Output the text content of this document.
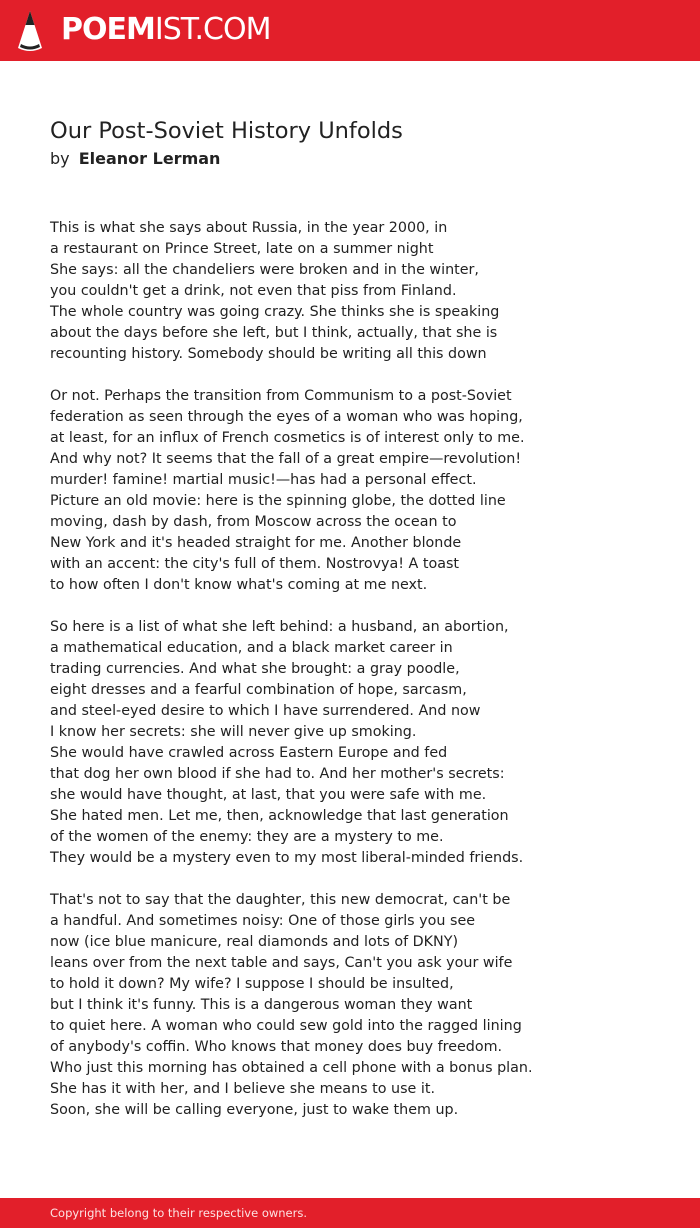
POEMIST.COM
Our Post-Soviet History Unfolds
by Eleanor Lerman
This is what she says about Russia, in the year 2000, in
a restaurant on Prince Street, late on a summer night
She says: all the chandeliers were broken and in the winter,
you couldn't get a drink, not even that piss from Finland.
The whole country was going crazy. She thinks she is speaking
about the days before she left, but I think, actually, that she is
recounting history. Somebody should be writing all this down
Or not. Perhaps the transition from Communism to a post-Soviet
federation as seen through the eyes of a woman who was hoping,
at least, for an influx of French cosmetics is of interest only to me.
And why not? It seems that the fall of a great empire—revolution!
murder! famine! martial music!—has had a personal effect.
Picture an old movie: here is the spinning globe, the dotted line
moving, dash by dash, from Moscow across the ocean to
New York and it's headed straight for me. Another blonde
with an accent: the city's full of them. Nostrovya! A toast
to how often I don't know what's coming at me next.
So here is a list of what she left behind: a husband, an abortion,
a mathematical education, and a black market career in
trading currencies. And what she brought: a gray poodle,
eight dresses and a fearful combination of hope, sarcasm,
and steel-eyed desire to which I have surrendered. And now
I know her secrets: she will never give up smoking.
She would have crawled across Eastern Europe and fed
that dog her own blood if she had to. And her mother's secrets:
she would have thought, at last, that you were safe with me.
She hated men. Let me, then, acknowledge that last generation
of the women of the enemy: they are a mystery to me.
They would be a mystery even to my most liberal-minded friends.
That's not to say that the daughter, this new democrat, can't be
a handful. And sometimes noisy: One of those girls you see
now (ice blue manicure, real diamonds and lots of DKNY)
leans over from the next table and says, Can't you ask your wife
to hold it down? My wife? I suppose I should be insulted,
but I think it's funny. This is a dangerous woman they want
to quiet here. A woman who could sew gold into the ragged lining
of anybody's coffin. Who knows that money does buy freedom.
Who just this morning has obtained a cell phone with a bonus plan.
She has it with her, and I believe she means to use it.
Soon, she will be calling everyone, just to wake them up.
Copyright belong to their respective owners.
